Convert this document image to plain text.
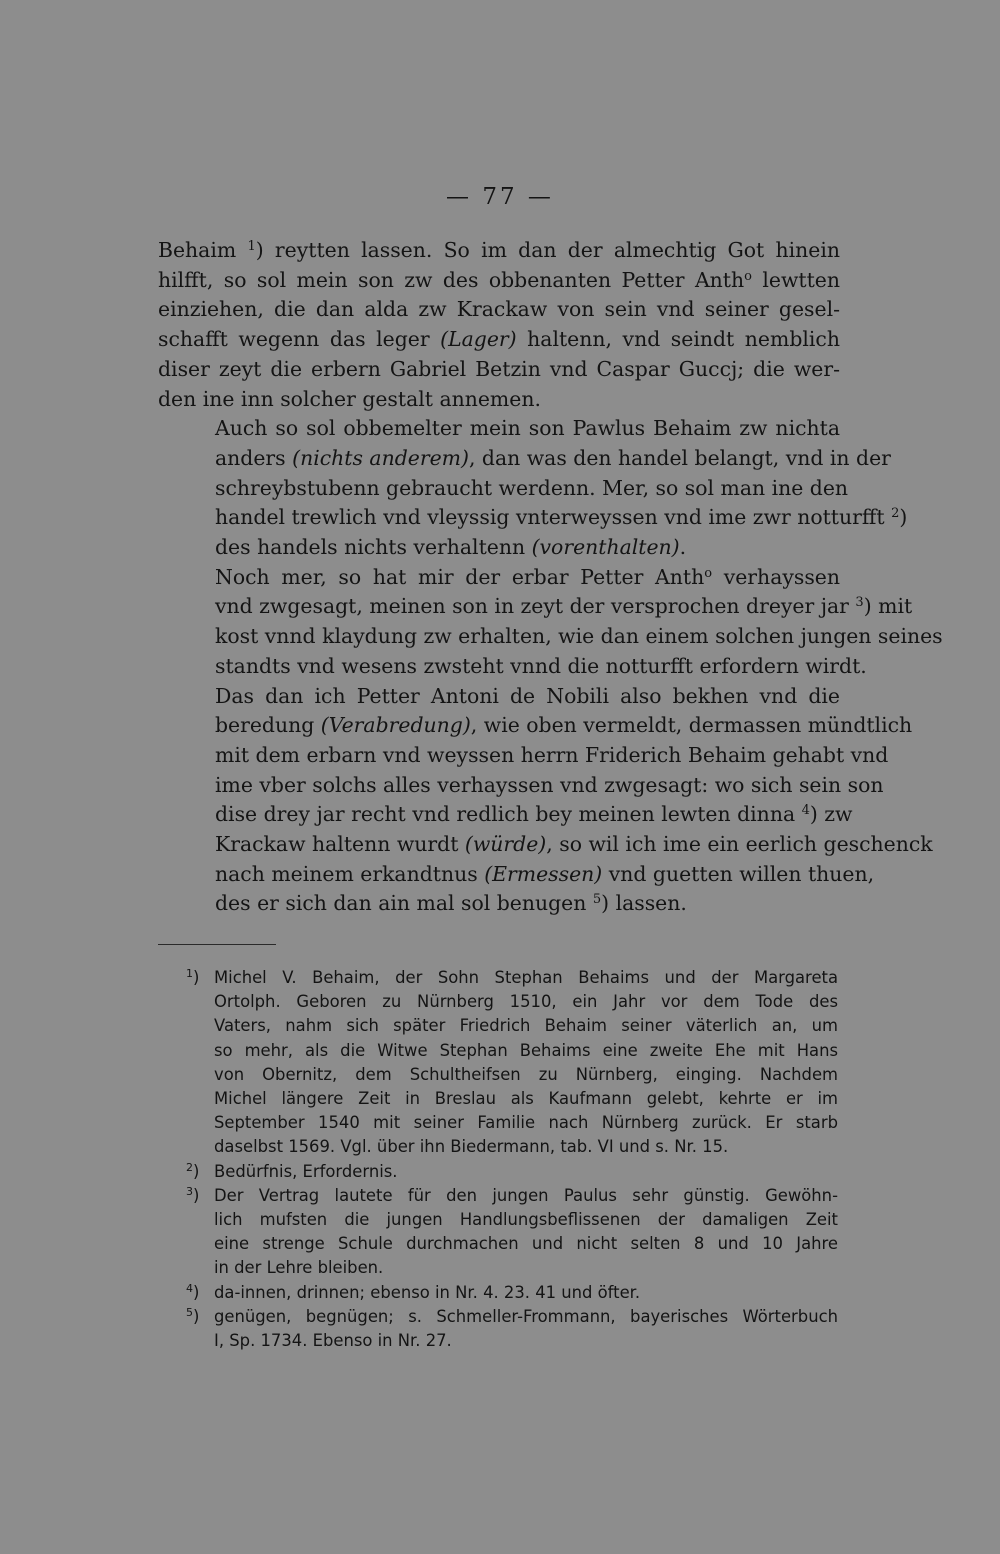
— 77 —

Behaim $^1$) reytten lassen. So im dan der almechtig Got hinein
hilfft, so sol mein son zw des obbenanten Petter Anth$^o$ lewtten
einziehen, die dan alda zw Krackaw von sein vnd seiner gesel-
schafft wegenn das leger (Lager) haltenn, vnd seindt nemblich
diser zeyt die erbern Gabriel Betzin vnd Caspar Guccj; die wer-
den ine inn solcher gestalt annemen.

Auch so sol obbemelter mein son Pawlus Behaim zw nichta
anders (nichts anderem), dan was den handel belangt, vnd in der
schreybstubenn gebraucht werdenn. Mer, so sol man ine den
handel trewlich vnd vleyssig vnterweyssen vnd ime zwr notturfft $^2$)
des handels nichts verhaltenn (vorenthalten).

Noch mer, so hat mir der erbar Petter Anth$^o$ verhayssen
vnd zwgesagt, meinen son in zeyt der versprochen dreyer jar $^3$) mit
kost vnnd klaydung zw erhalten, wie dan einem solchen jungen seines
standts vnd wesens zwsteht vnnd die notturfft erfordern wirdt.

Das dan ich Petter Antoni de Nobili also bekhen vnd die
beredung (Verabredung), wie oben vermeldt, dermassen mündtlich
mit dem erbarn vnd weyssen herrn Friderich Behaim gehabt vnd
ime vber solchs alles verhayssen vnd zwgesagt: wo sich sein son
dise drey jar recht vnd redlich bey meinen lewten dinna $^4$) zw
Krackaw haltenn wurdt (würde), so wil ich ime ein eerlich geschenck
nach meinem erkandtnus (Ermessen) vnd guetten willen thuen,
des er sich dan ain mal sol benugen $^5$) lassen.

$^1$) Michel V. Behaim, der Sohn Stephan Behaims und der Margareta
Ortolph. Geboren zu Nürnberg 1510, ein Jahr vor dem Tode des
Vaters, nahm sich später Friedrich Behaim seiner väterlich an, um
so mehr, als die Witwe Stephan Behaims eine zweite Ehe mit Hans
von Obernitz, dem Schultheifsen zu Nürnberg, einging. Nachdem
Michel längere Zeit in Breslau als Kaufmann gelebt, kehrte er im
September 1540 mit seiner Familie nach Nürnberg zurück. Er starb
daselbst 1569. Vgl. über ihn Biedermann, tab. VI und s. Nr. 15.
$^2$) Bedürfnis, Erfordernis.
$^3$) Der Vertrag lautete für den jungen Paulus sehr günstig. Gewöhn-
lich mufsten die jungen Handlungsbeflissenen der damaligen Zeit
eine strenge Schule durchmachen und nicht selten 8 und 10 Jahre
in der Lehre bleiben.
$^4$) da-innen, drinnen; ebenso in Nr. 4. 23. 41 und öfter.
$^5$) genügen, begnügen; s. Schmeller-Frommann, bayerisches Wörterbuch
I, Sp. 1734. Ebenso in Nr. 27.
